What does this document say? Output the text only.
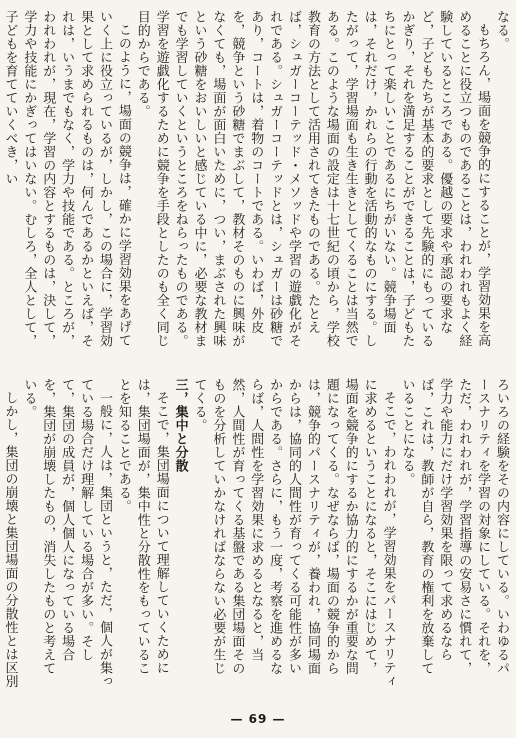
なる。

もちろん，場面を競争的にすることが，学習効果を高めることに役立つものであることは，われわれもよく経験しているところである。優越の要求や承認の要求など，子どもたちが基本的要求として先験的にもっているかぎり，それを満足することができることは，子どもたちにとって楽しいことであるにちがいない。競争場面は，それだけ，かれらの行動を活動的なものにする。したがって，学習場面も生き生きとしてくることは当然である。このような場面の設定は十七世紀の頃から，学校教育の方法として活用されてきたものである。たとえば，シュガーコーテッド・メソッドや学習の遊戯化がそれである。シュガーコーテッドとは，シュガーは砂糖であり，コートは，着物のコートである。いわば，外皮を，競争という砂糖でまぶして，教材そのものに興味がなくても，場面が面白いために，つい，まぶされた興味という砂糖をおいしいと感じている中に，必要な教材までも学習していくというところをねらったものである。学習を遊戯化するために競争を手段としたのも全く同じ目的からである。

このように，場面の競争は，確かに学習効果をあげていく上に役立っているが，しかし，この場合に，学習効果として求められるものは，何んであるかといえば，それは，いうまでもなく，学力や技能である。ところが，われわれが，現在，学習の内容とするものは，決して，学力や技能にかぎってはいない。むしろ，全人として，子どもを育てていくべき，い

ろいろの経験をその内容にしている。いわゆるパースナリティを学習の対象にしている。それを，ただ，われわれが，学習指導の安易さに慣れて，学力や能力にだけ学習効果を限って求めるならば，これは，教師が自ら，教育の権利を放棄していることになる。

そこで，われわれが，学習効果をパースナリティに求めるということになると，そこにはじめて，場面を競争的にするか協力的にするかが重要な問題になってくる。なぜならば，場面の競争的からは，競争的パースナリティが，養われ，協同場面からは，協同的人間性が育ってくる可能性が多いからである。さらに，もう一度，考察を進めるならば，人間性を学習効果に求めるとなると，当然，人間性が育ってくる基盤である集団場面そのものを分析していかなければならない必要が生じてくる。

三，集中と分散

そこで，集団場面について理解していくためには，集団場面が，集中性と分散性をもっていることを知ることである。

一般に，人は，集団というと，ただ，個人が集っている場合だけ理解している場合が多い。そして，集団の成員が，個人個人になっている場合を，集団が崩壊したもの，消失したものと考えている。

しかし，集団の崩壊と集団場面の分散性とは区別

— 69 —
